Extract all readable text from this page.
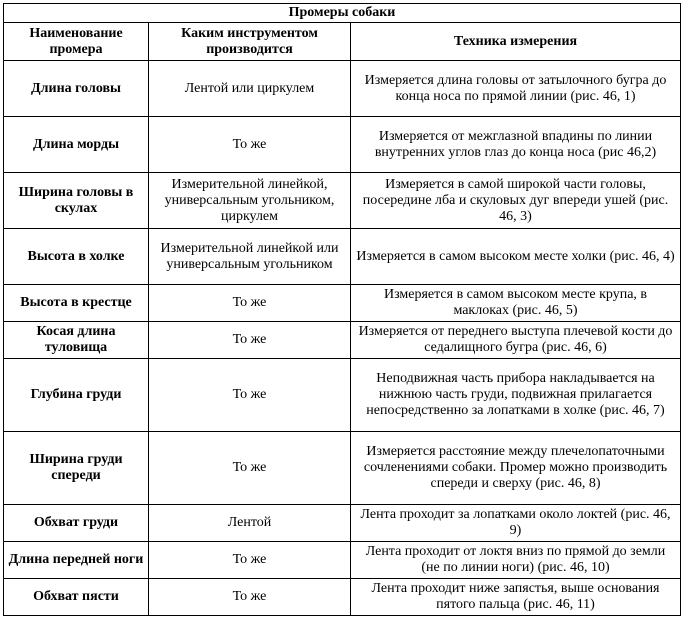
Промеры собаки		
Наименование промера	Каким инструментом производится	Техника измерения
Длина головы	Лентой или циркулем	Измеряется длина головы от затылочного бугра до конца носа по прямой линии (рис. 46, 1)
Длина морды	То же	Измеряется от межглазной впадины по линии внутренних углов глаз до конца носа (рис 46,2)
Ширина головы в скулах	Измерительной линейкой, универсальным угольником, циркулем	Измеряется в самой широкой части головы, посередине лба и скуловых дуг впереди ушей (рис. 46, 3)
Высота в холке	Измерительной линейкой или универсальным угольником	Измеряется в самом высоком месте холки (рис. 46, 4)
Высота в крестце	То же	Измеряется в самом высоком месте крупа, в маклоках (рис. 46, 5)
Косая длина туловища	То же	Измеряется от переднего выступа плечевой кости до седалищного бугра (рис. 46, 6)
Глубина груди	То же	Неподвижная часть прибора накладывается на нижнюю часть груди, подвижная прилагается непосредственно за лопатками в холке (рис. 46, 7)
Ширина груди спереди	То же	Измеряется расстояние между плечелопаточными сочленениями собаки. Промер можно производить спереди и сверху (рис. 46, 8)
Обхват груди	Лентой	Лента проходит за лопатками около локтей (рис. 46, 9)
Длина передней ноги	То же	Лента проходит от локтя вниз по прямой до земли (не по линии ноги) (рис. 46, 10)
Обхват пясти	То же	Лента проходит ниже запястья, выше основания пятого пальца (рис. 46, 11)
